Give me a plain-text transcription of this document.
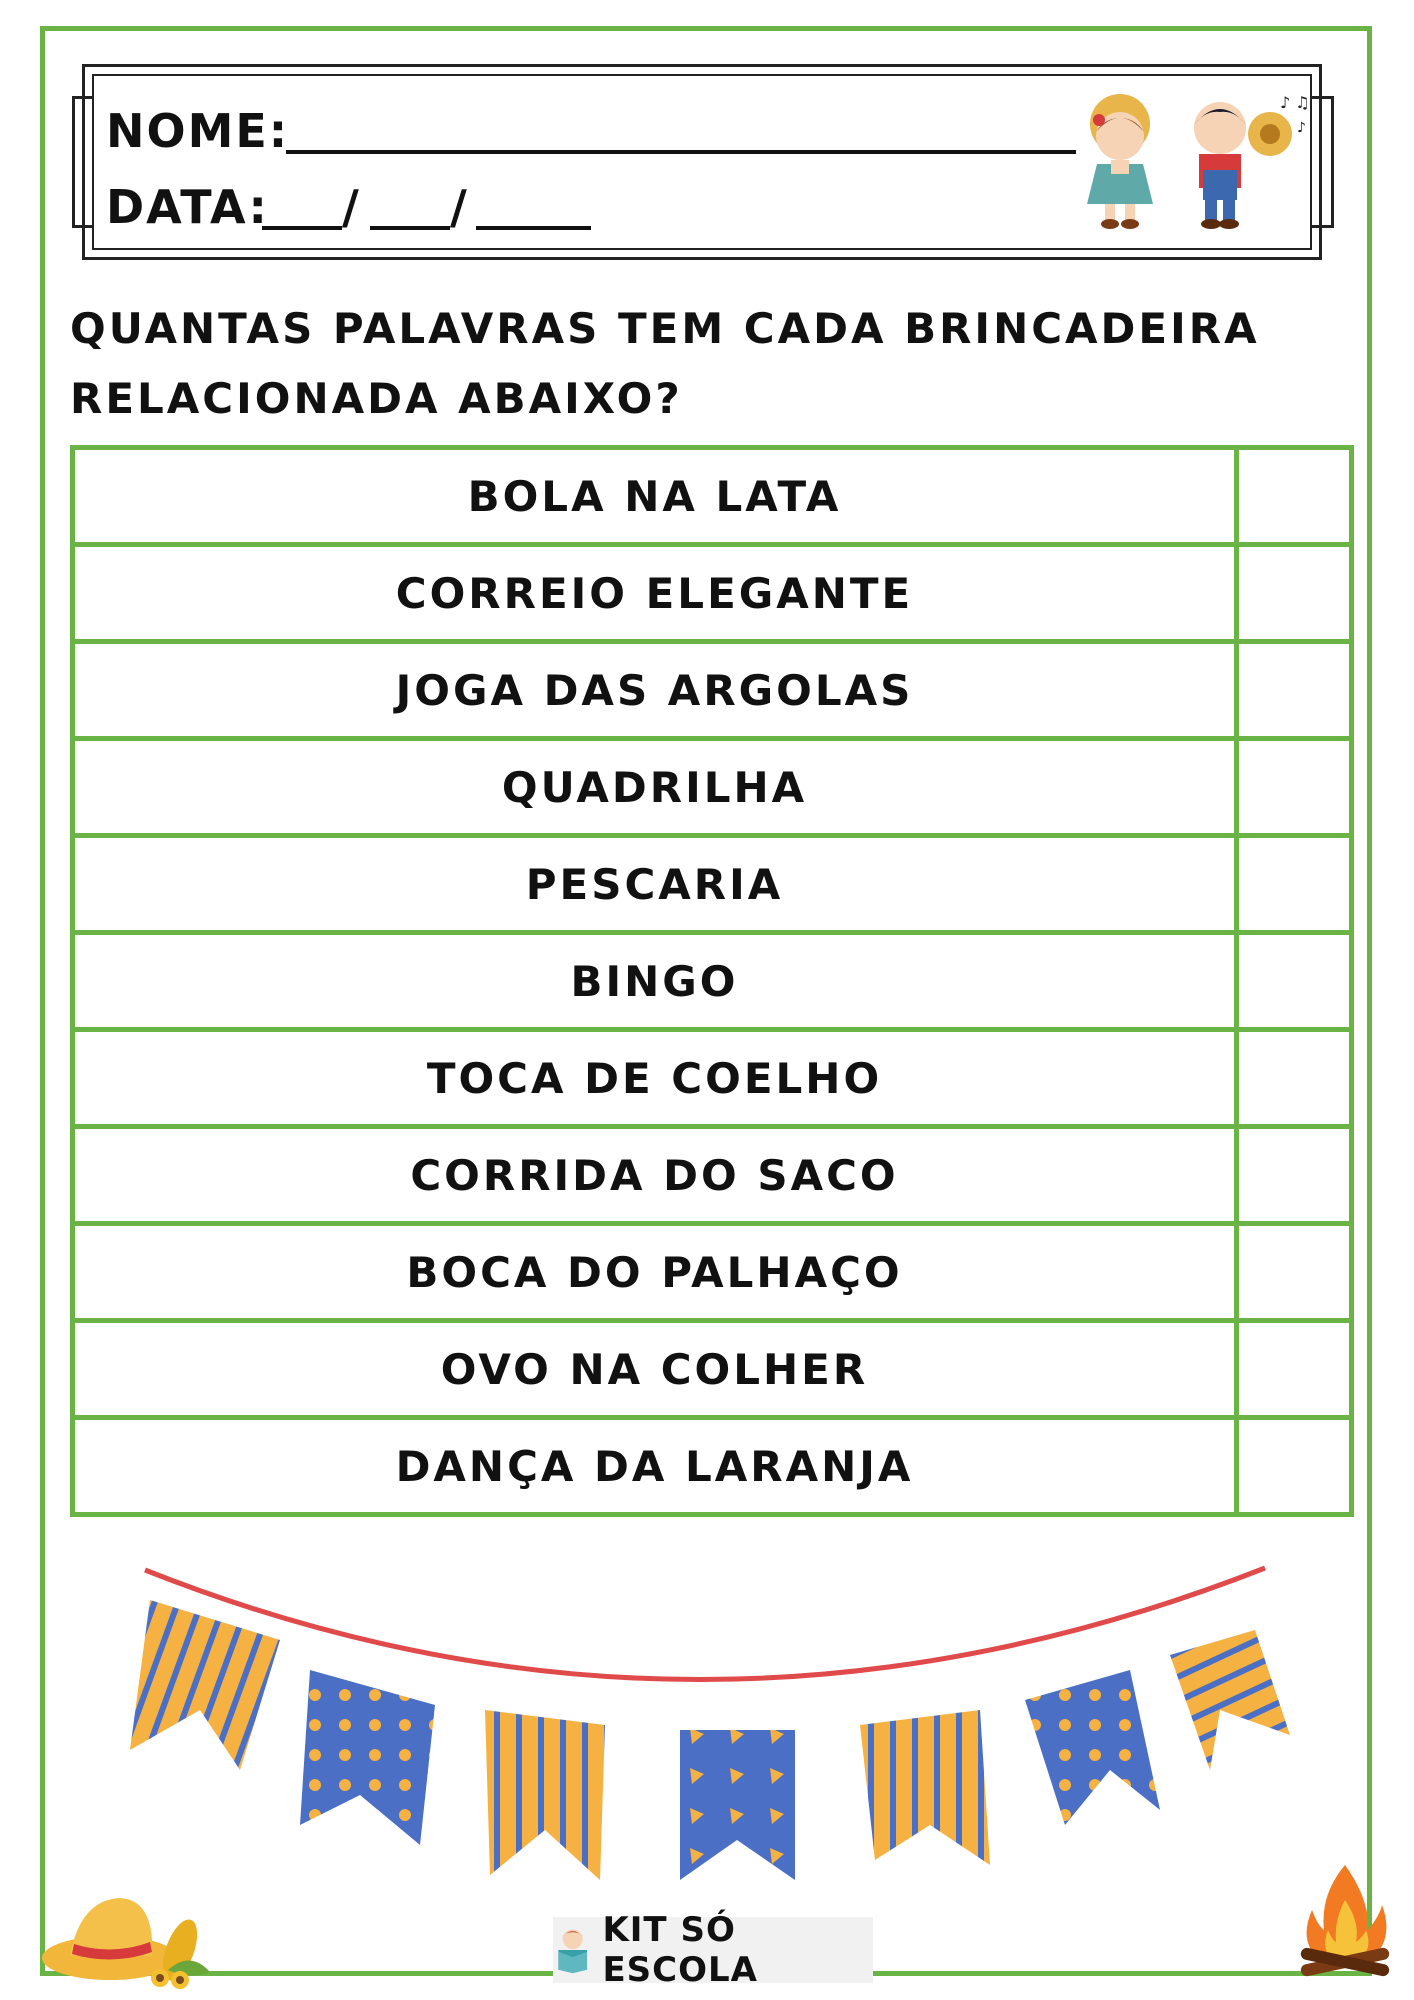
NOME:
DATA: / /
♪ ♫
♪
QUANTAS PALAVRAS TEM CADA BRINCADEIRA
RELACIONADA ABAIXO?
BOLA NA LATA	
CORREIO ELEGANTE	
JOGA DAS ARGOLAS	
QUADRILHA	
PESCARIA	
BINGO	
TOCA DE COELHO	
CORRIDA DO SACO	
BOCA DO PALHAÇO	
OVO NA COLHER	
DANÇA DA LARANJA	
KIT SÓ ESCOLA
